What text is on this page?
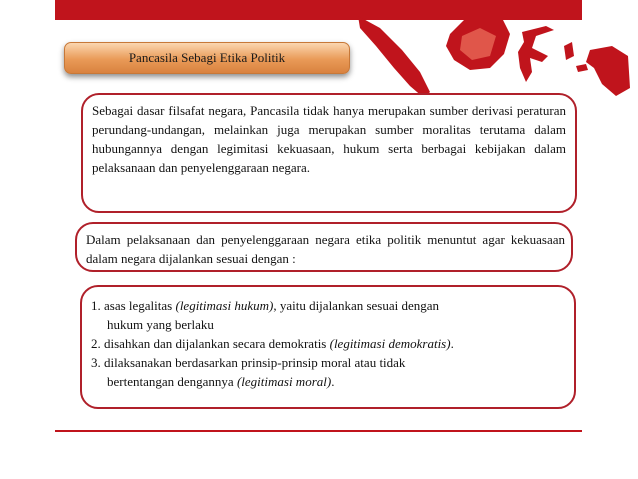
Pancasila Sebagi Etika Politik

Sebagai dasar filsafat negara, Pancasila tidak hanya merupakan sumber derivasi peraturan perundang-undangan, melainkan juga merupakan sumber moralitas terutama dalam hubungannya dengan legimitasi kekuasaan, hukum serta berbagai kebijakan dalam pelaksanaan dan penyelenggaraan negara.

Dalam pelaksanaan dan penyelenggaraan negara etika politik menuntut agar kekuasaan dalam negara dijalankan sesuai dengan :

1. asas legalitas (legitimasi hukum), yaitu dijalankan sesuai dengan
hukum yang berlaku
2. disahkan dan dijalankan secara demokratis (legitimasi demokratis).
3. dilaksanakan berdasarkan prinsip-prinsip moral atau tidak
bertentangan dengannya (legitimasi moral).
